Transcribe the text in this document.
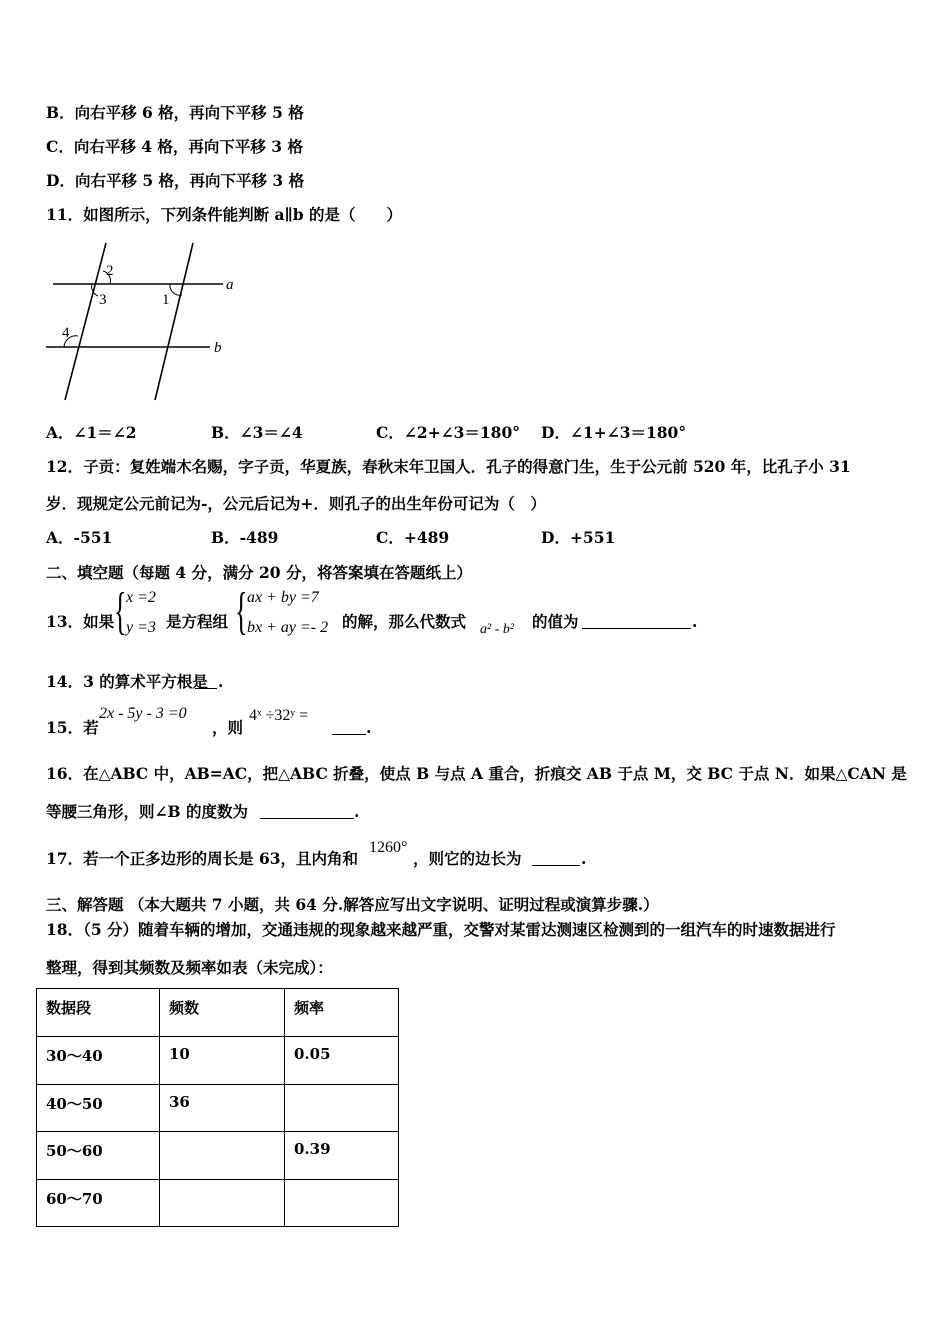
B．向右平移 6 格，再向下平移 5 格
C．向右平移 4 格，再向下平移 3 格
D．向右平移 5 格，再向下平移 3 格
11．如图所示，下列条件能判断 a∥b 的是（　　）
a
b
2
3	1
4
A．∠1＝∠2	B．∠3＝∠4	C．∠2+∠3＝180° D．∠1+∠3＝180°
12．子贡：复姓端木名赐，字子贡，华夏族，春秋末年卫国人．孔子的得意门生，生于公元前 520 年，比孔子小 31
岁．现规定公元前记为-，公元后记为+．则孔子的出生年份可记为（　）
A．-551	B．-489	C．+489	D．+551
二、填空题（每题 4 分，满分 20 分，将答案填在答题纸上）
13．如果 { x =2
y =3 是方程组 { ax + by =7
bx + ay =- 2 的解，那么代数式 a² - b² 的值为	.
14．3 的算术平方根是 .
15．若
2x - 5y - 3 =0
，则
4ˣ ÷32ʸ =
.
16．在△ABC 中，AB=AC，把△ABC 折叠，使点 B 与点 A 重合，折痕交 AB 于点 M，交 BC 于点 N．如果△CAN 是
等腰三角形，则∠B 的度数为	.
17．若一个正多边形的周长是 63，且内角和
1260°
，则它的边长为	.
三、解答题 （本大题共 7 小题，共 64 分.解答应写出文字说明、证明过程或演算步骤.）
18．（5 分）随着车辆的增加，交通违规的现象越来越严重，交警对某雷达测速区检测到的一组汽车的时速数据进行
整理，得到其频数及频率如表（未完成）：
数据段	频数	频率
30～40	10	0.05
40～50	36	
50～60		0.39
60～70		
